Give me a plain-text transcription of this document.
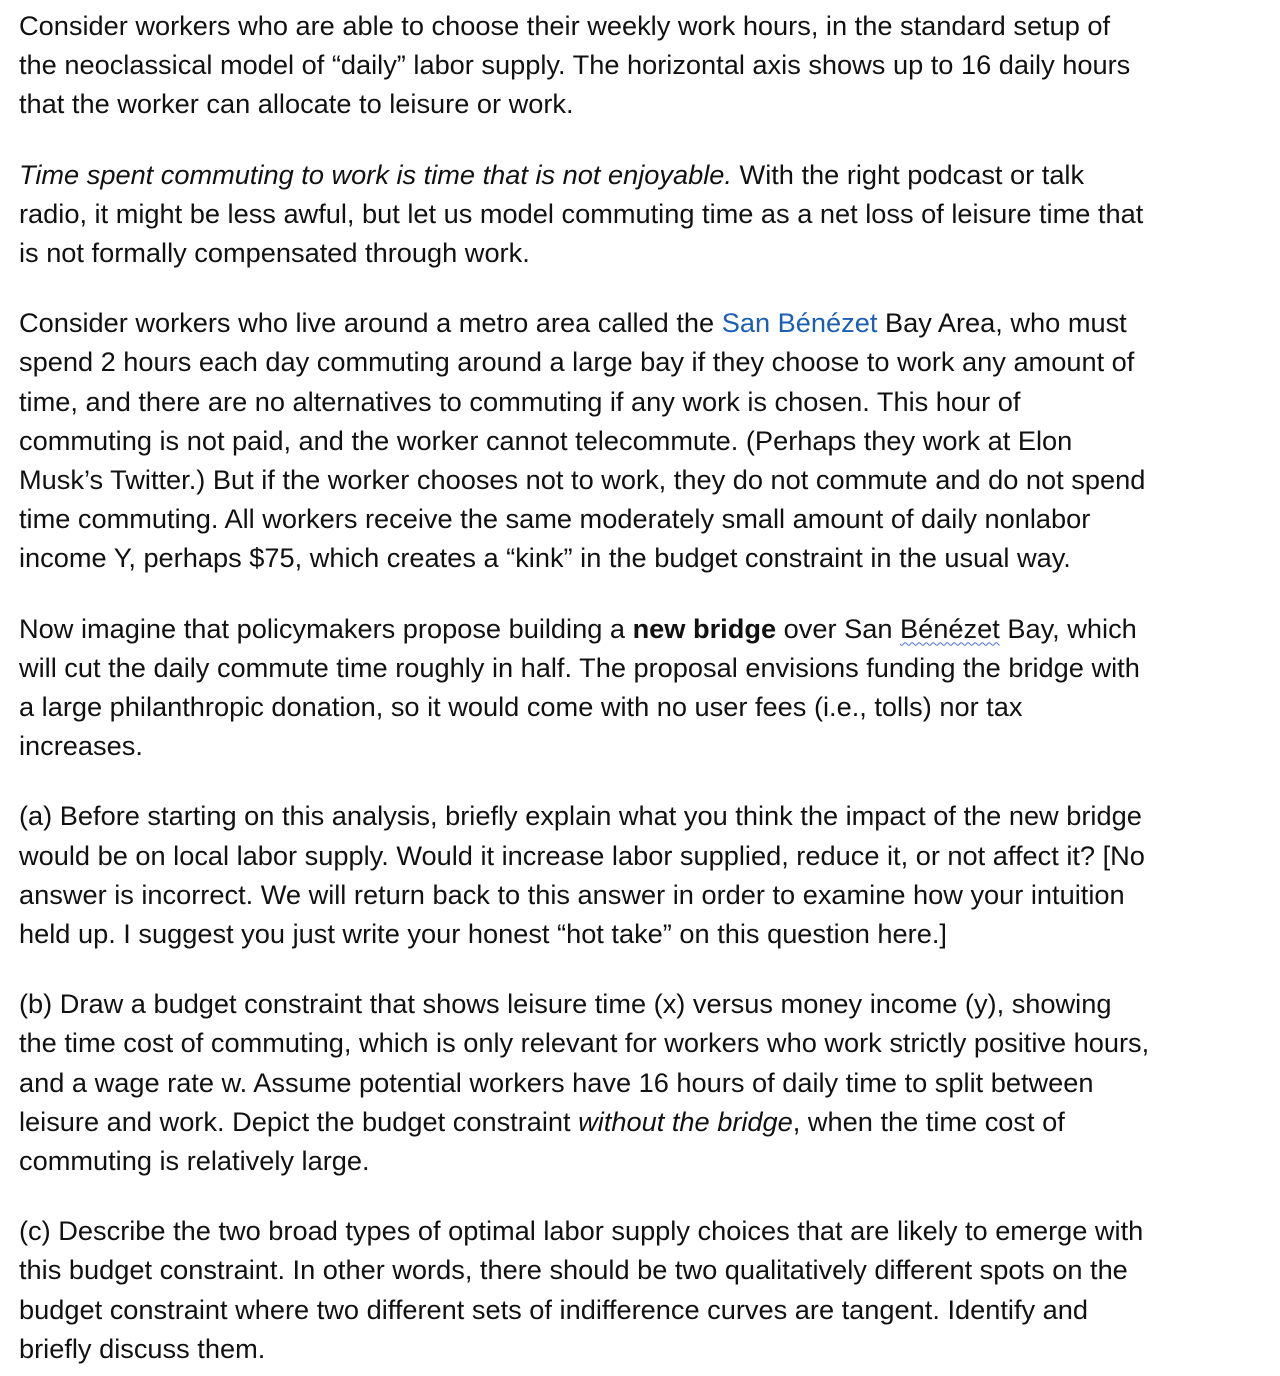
Consider workers who are able to choose their weekly work hours, in the standard setup of
the neoclassical model of “daily” labor supply. The horizontal axis shows up to 16 daily hours
that the worker can allocate to leisure or work.

Time spent commuting to work is time that is not enjoyable. With the right podcast or talk
radio, it might be less awful, but let us model commuting time as a net loss of leisure time that
is not formally compensated through work.

Consider workers who live around a metro area called the San Bénézet Bay Area, who must
spend 2 hours each day commuting around a large bay if they choose to work any amount of
time, and there are no alternatives to commuting if any work is chosen. This hour of
commuting is not paid, and the worker cannot telecommute. (Perhaps they work at Elon
Musk’s Twitter.) But if the worker chooses not to work, they do not commute and do not spend
time commuting. All workers receive the same moderately small amount of daily nonlabor
income Y, perhaps $75, which creates a “kink” in the budget constraint in the usual way.

Now imagine that policymakers propose building a new bridge over San Bénézet Bay, which
will cut the daily commute time roughly in half. The proposal envisions funding the bridge with
a large philanthropic donation, so it would come with no user fees (i.e., tolls) nor tax
increases.

(a) Before starting on this analysis, briefly explain what you think the impact of the new bridge
would be on local labor supply. Would it increase labor supplied, reduce it, or not affect it? [No
answer is incorrect. We will return back to this answer in order to examine how your intuition
held up. I suggest you just write your honest “hot take” on this question here.]

(b) Draw a budget constraint that shows leisure time (x) versus money income (y), showing
the time cost of commuting, which is only relevant for workers who work strictly positive hours,
and a wage rate w. Assume potential workers have 16 hours of daily time to split between
leisure and work. Depict the budget constraint without the bridge, when the time cost of
commuting is relatively large.

(c) Describe the two broad types of optimal labor supply choices that are likely to emerge with
this budget constraint. In other words, there should be two qualitatively different spots on the
budget constraint where two different sets of indifference curves are tangent. Identify and
briefly discuss them.
